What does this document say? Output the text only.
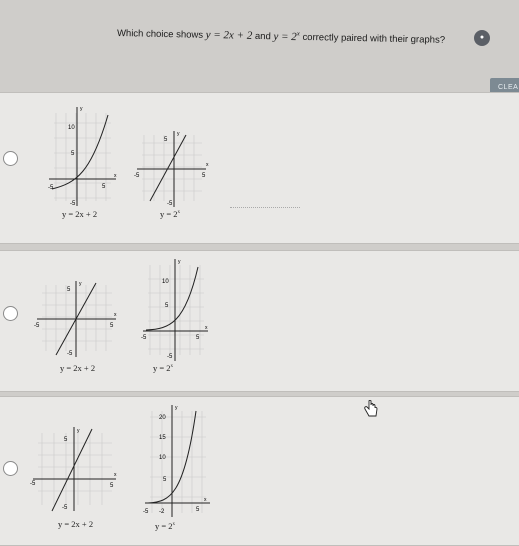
Which choice shows y = 2x + 2 and $y = 2^x$ correctly paired with their graphs?	●
CLEA
10
5
-5	5
-5
x
y
y = 2x + 2
5
-5	5
-5
x
y
$y = 2^x$
5
-5	5
-5
x
y
y = 2x + 2
10
5
-5	5
-5
x
y
$y = 2^x$
5
-5	5
-5
x
y
y = 2x + 2
20
15
10
5
-5 -2	5
x
y
$y = 2^x$
